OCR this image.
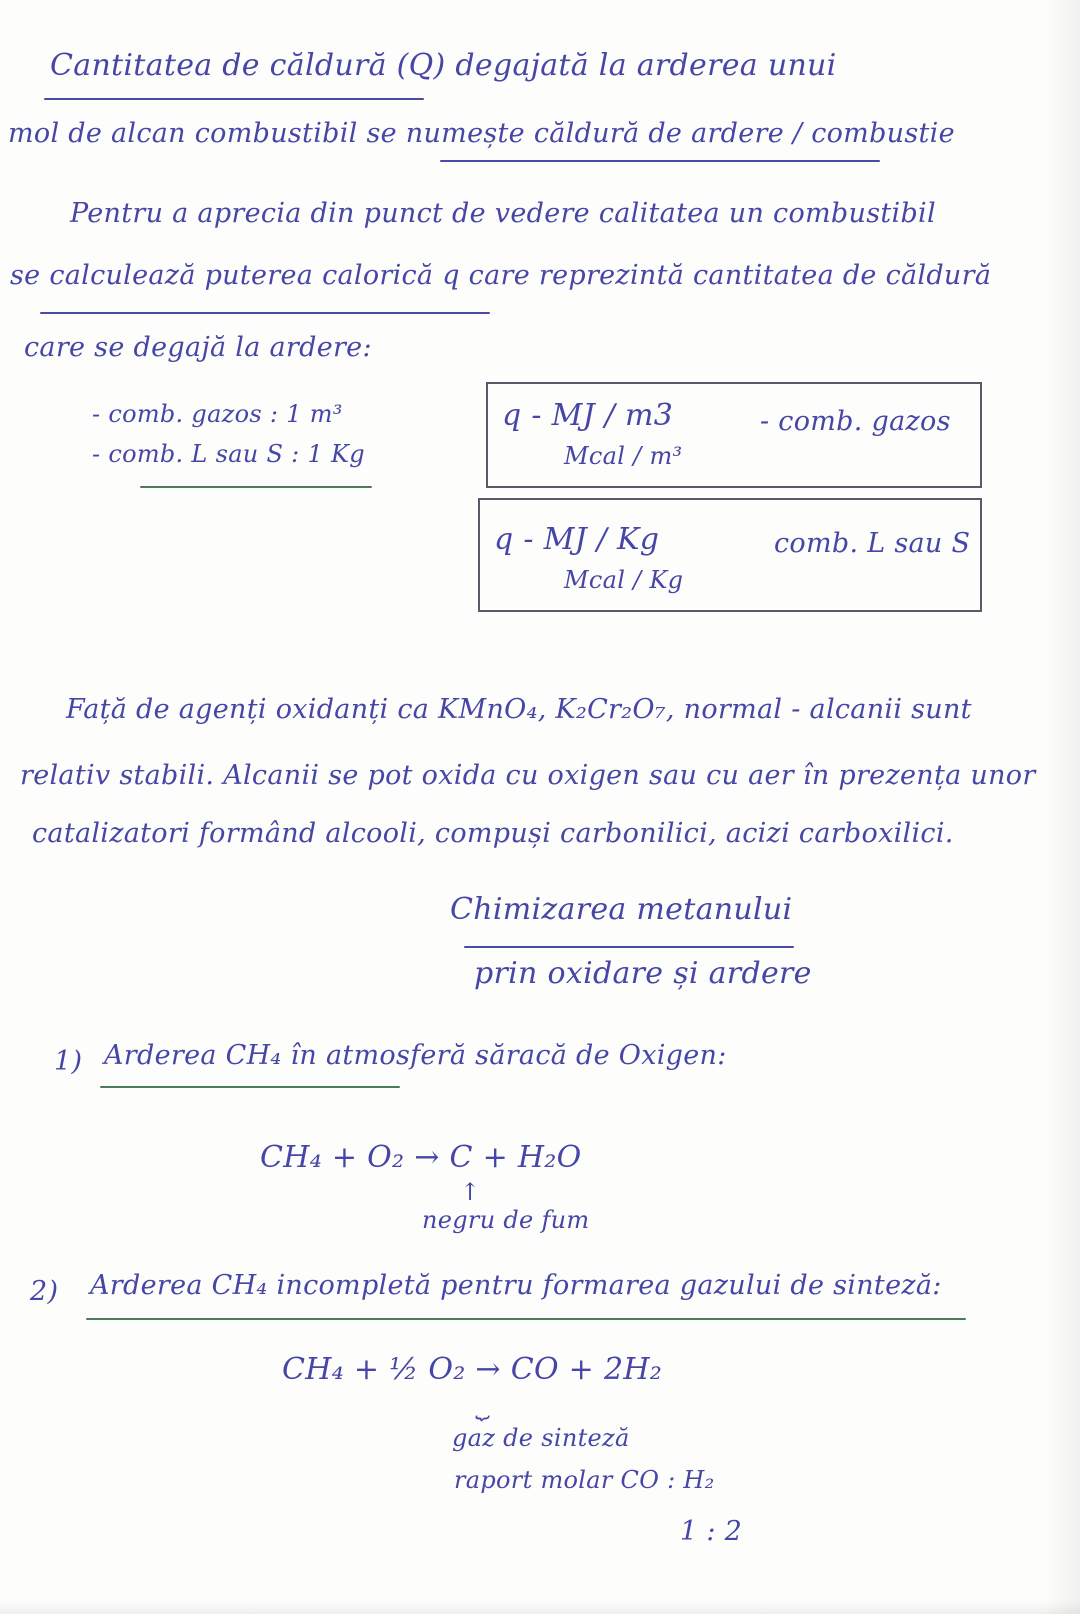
Cantitatea de căldură (Q) degajată la arderea unui
mol de alcan combustibil se numește căldură de ardere / combustie
Pentru a aprecia din punct de vedere calitatea un combustibil
se calculează puterea calorică q care reprezintă cantitatea de căldură
care se degajă la ardere:
- comb. gazos : 1 m³
- comb. L sau S : 1 Kg
q - MJ / m3
Mcal / m³
- comb. gazos
q - MJ / Kg
Mcal / Kg
comb. L sau S
Față de agenți oxidanți ca KMnO₄, K₂Cr₂O₇, normal - alcanii sunt
relativ stabili. Alcanii se pot oxida cu oxigen sau cu aer în prezența unor
catalizatori formând alcooli, compuși carbonilici, acizi carboxilici.
Chimizarea metanului
prin oxidare și ardere
1) Arderea CH₄ în atmosferă săracă de Oxigen:
CH₄ + O₂ → C + H₂O
↑
negru de fum
2) Arderea CH₄ incompletă pentru formarea gazului de sinteză:
CH₄ + ½ O₂ → CO + 2H₂
⏟
gaz de sinteză
raport molar CO : H₂
1 : 2
